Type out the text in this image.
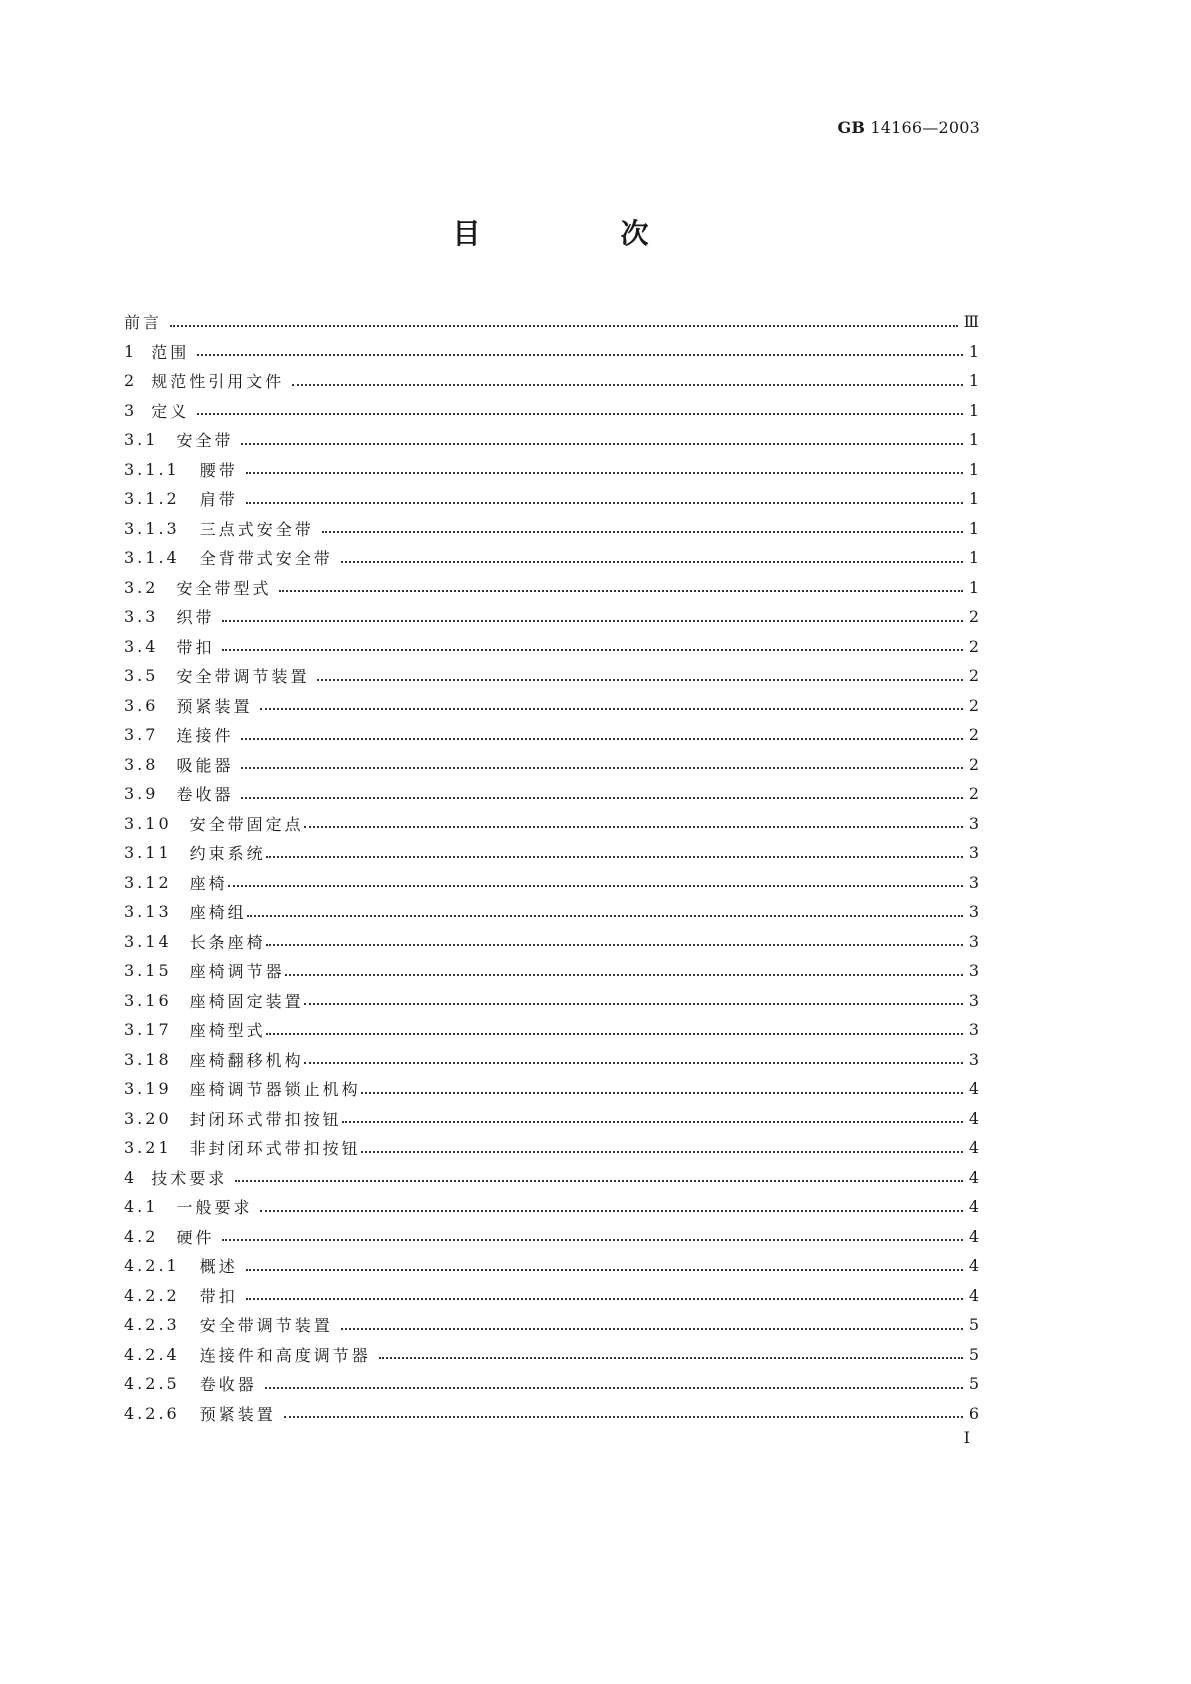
GB 14166—2003
目　次
前言	Ⅲ
1 范围	1
2 规范性引用文件	1
3 定义	1
3.1 安全带	1
3.1.1 腰带	1
3.1.2 肩带	1
3.1.3 三点式安全带	1
3.1.4 全背带式安全带	1
3.2 安全带型式	1
3.3 织带	2
3.4 带扣	2
3.5 安全带调节装置	2
3.6 预紧装置	2
3.7 连接件	2
3.8 吸能器	2
3.9 卷收器	2
3.10 安全带固定点	3
3.11 约束系统	3
3.12 座椅	3
3.13 座椅组	3
3.14 长条座椅	3
3.15 座椅调节器	3
3.16 座椅固定装置	3
3.17 座椅型式	3
3.18 座椅翻移机构	3
3.19 座椅调节器锁止机构	4
3.20 封闭环式带扣按钮	4
3.21 非封闭环式带扣按钮	4
4 技术要求	4
4.1 一般要求	4
4.2 硬件	4
4.2.1 概述	4
4.2.2 带扣	4
4.2.3 安全带调节装置	5
4.2.4 连接件和高度调节器	5
4.2.5 卷收器	5
4.2.6 预紧装置	6
Ⅰ
